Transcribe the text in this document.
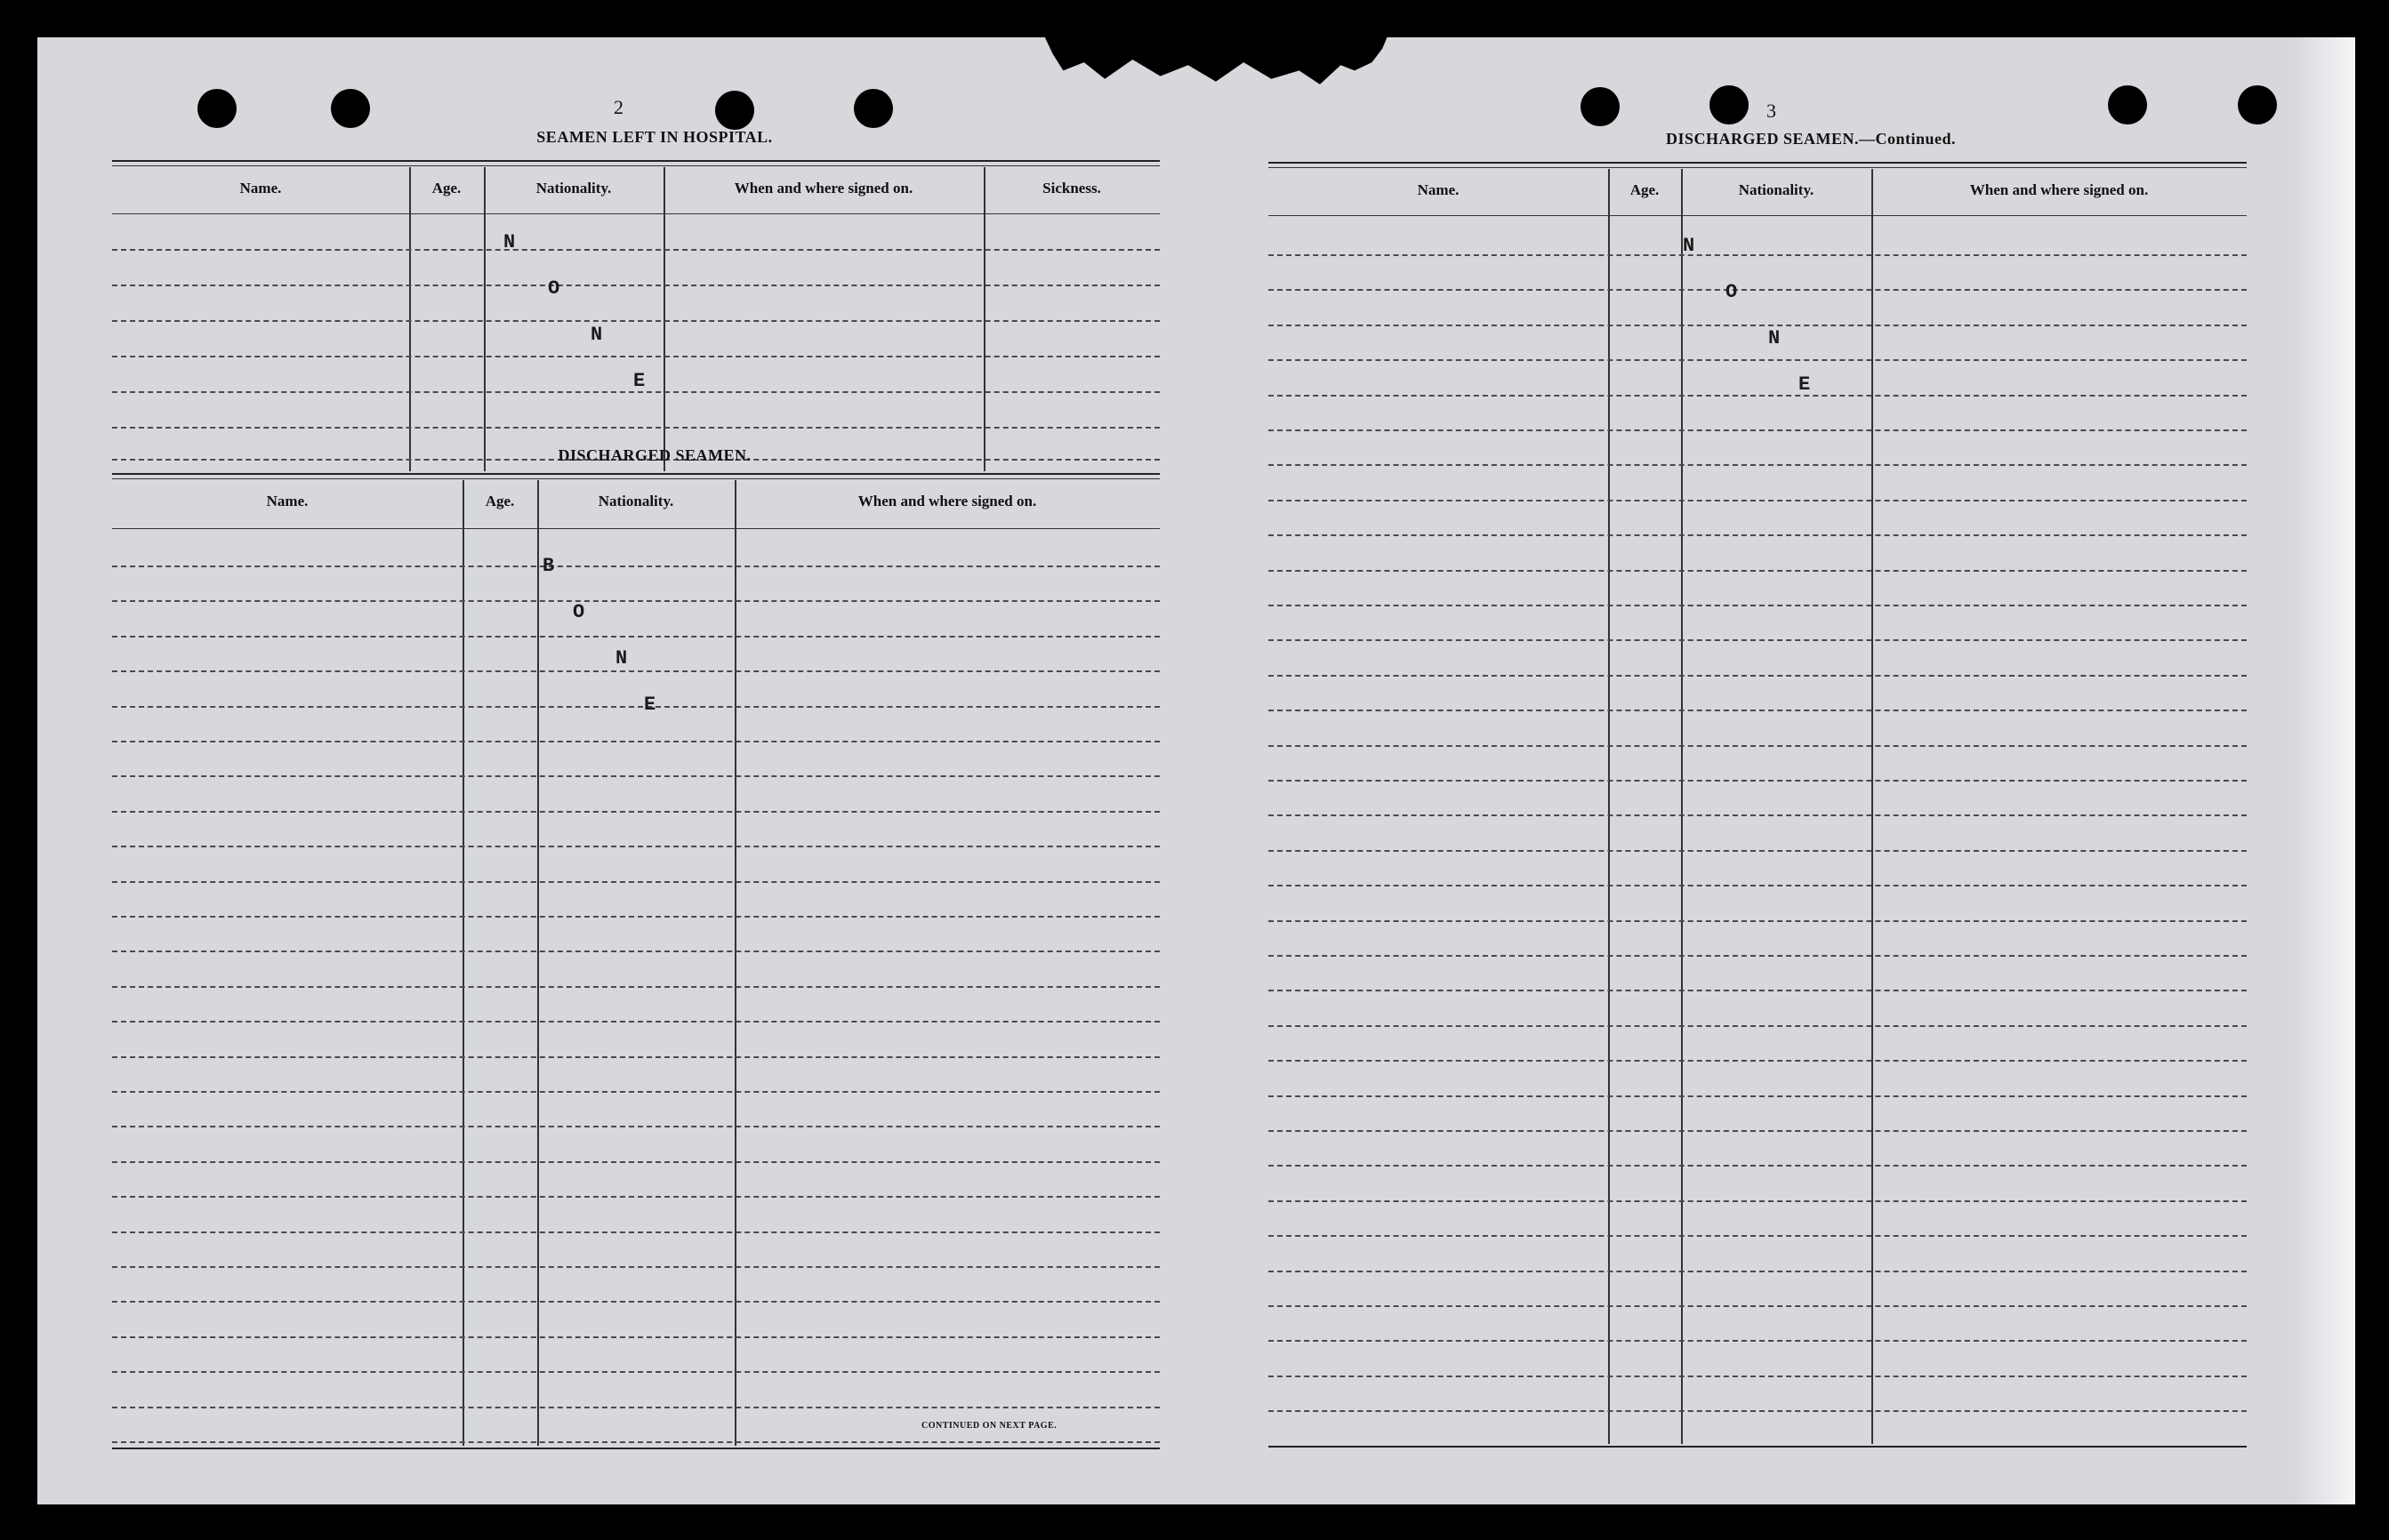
2
SEAMEN LEFT IN HOSPITAL.
Name.	Age.	Nationality.	When and where signed on.	Sickness.
N
O
N
E
DISCHARGED SEAMEN.
Name.	Age.	Nationality.	When and where signed on.
B
O
N
E
CONTINUED ON NEXT PAGE.
3
DISCHARGED SEAMEN.—Continued.
Name.	Age.	Nationality.	When and where signed on.
N
O
N
E
